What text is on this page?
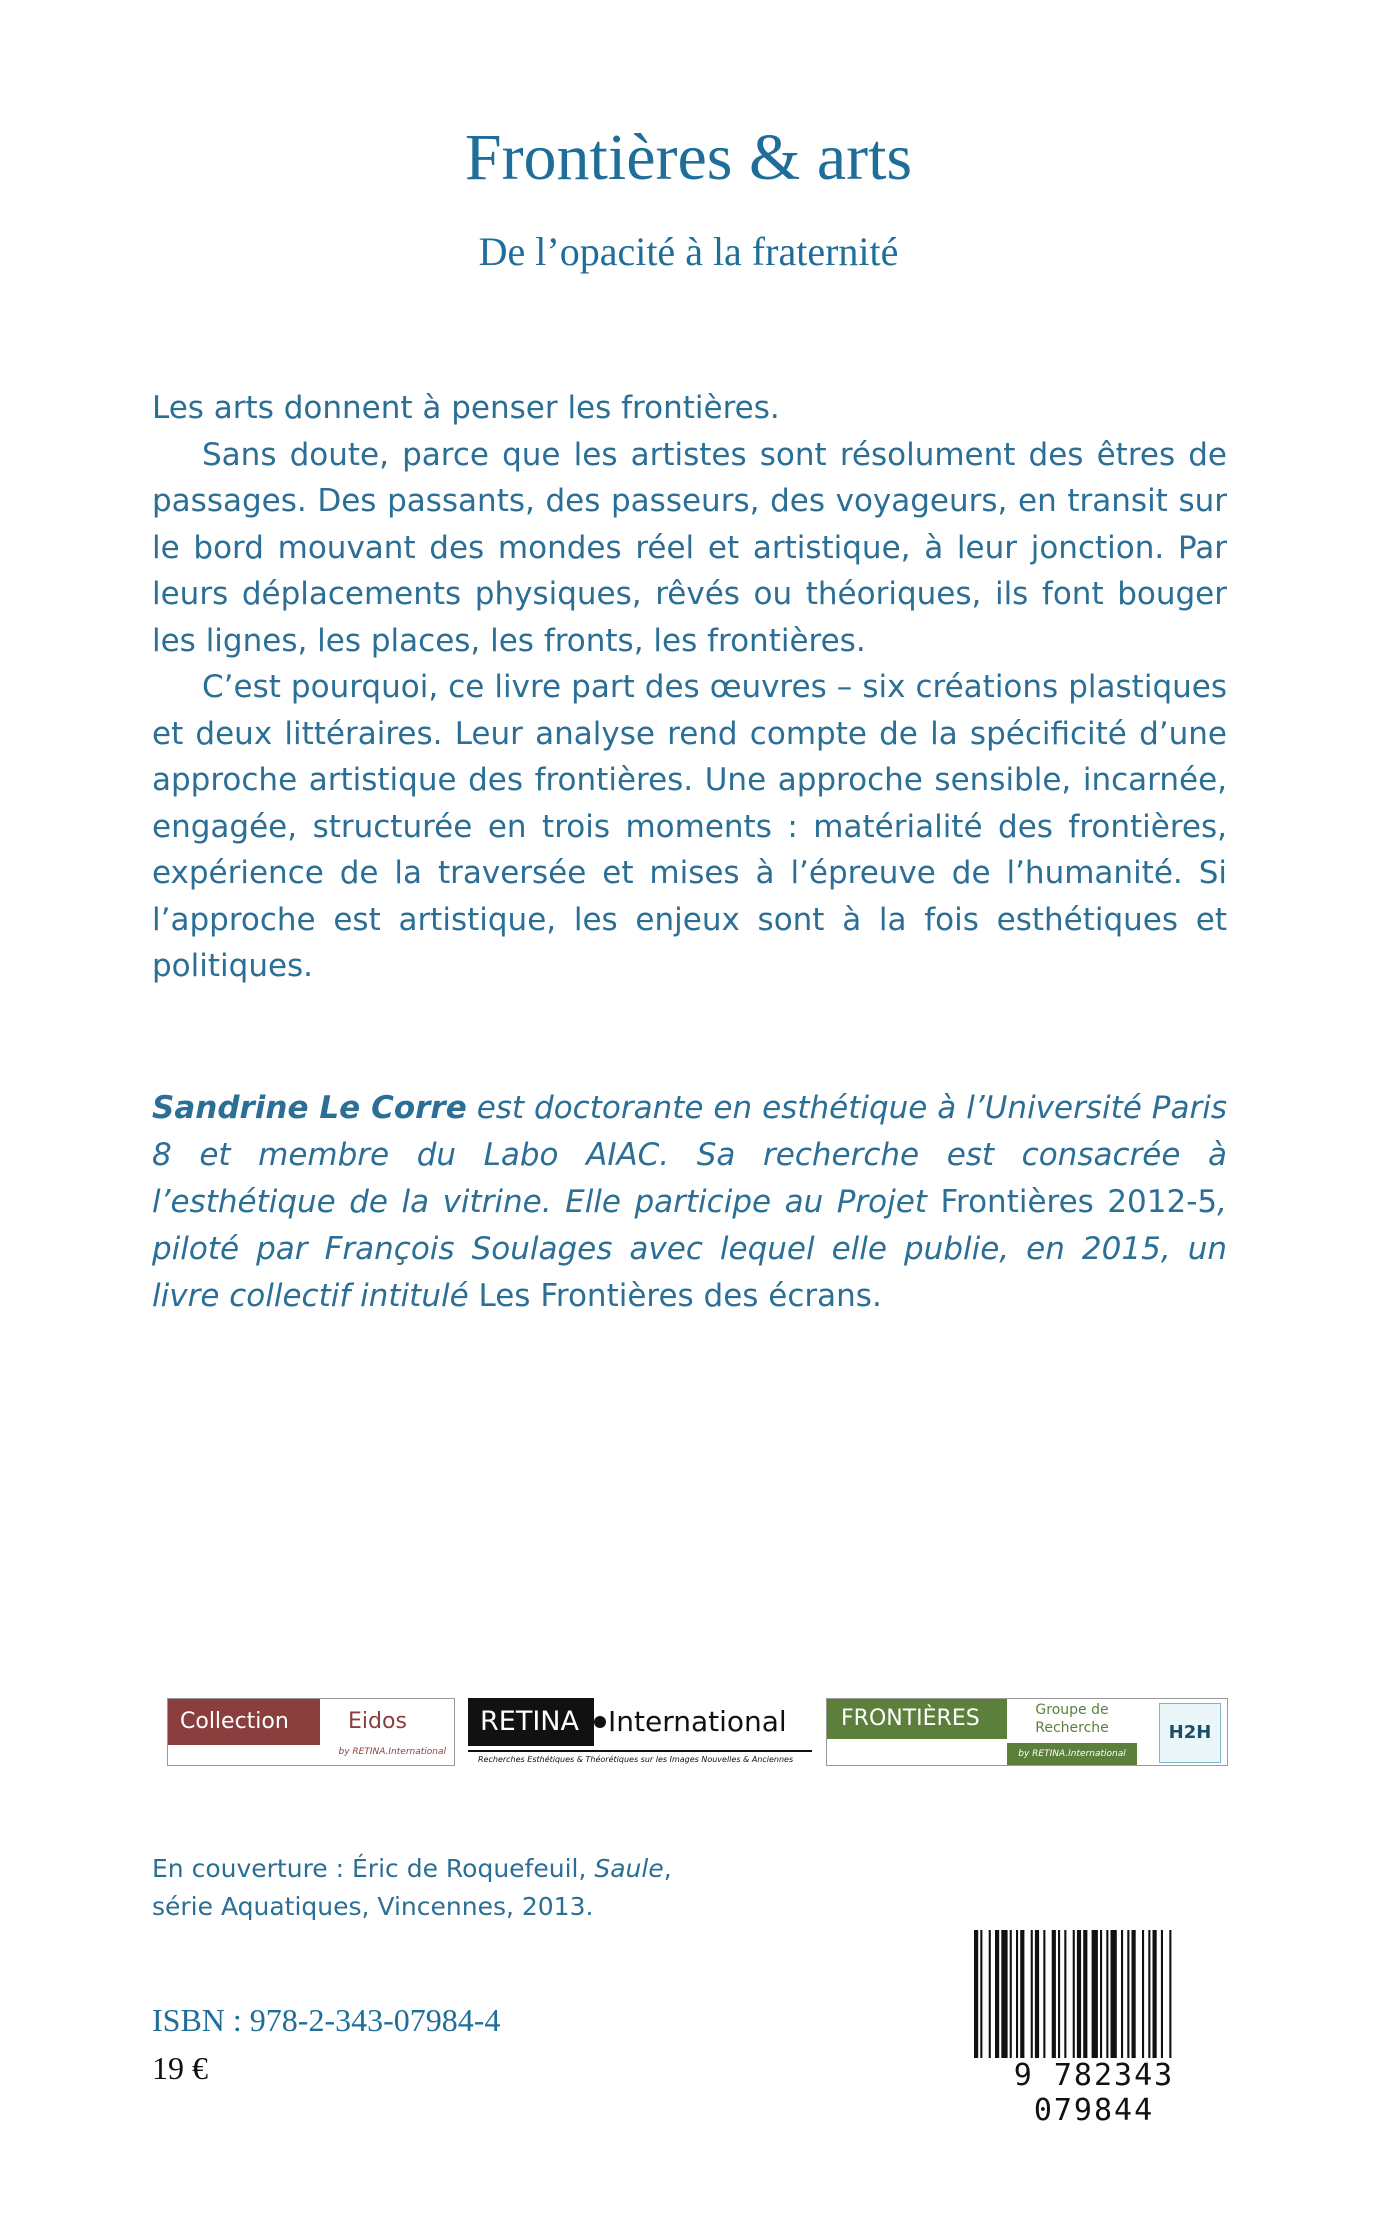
Frontières & arts
De l’opacité à la fraternité

Les arts donnent à penser les frontières.

Sans doute, parce que les artistes sont résolument des êtres de passages. Des passants, des passeurs, des voyageurs, en transit sur le bord mouvant des mondes réel et artistique, à leur jonction. Par leurs déplacements physiques, rêvés ou théoriques, ils font bouger les lignes, les places, les fronts, les frontières.

C’est pourquoi, ce livre part des œuvres – six créations plastiques et deux littéraires. Leur analyse rend compte de la spécificité d’une approche artistique des frontières. Une approche sensible, incarnée, engagée, structurée en trois moments : matérialité des frontières, expérience de la traversée et mises à l’épreuve de l’humanité. Si l’approche est artistique, les enjeux sont à la fois esthétiques et politiques.

Sandrine Le Corre est doctorante en esthétique à l’Université Paris 8 et membre du Labo AIAC. Sa recherche est consacrée à l’esthétique de la vitrine. Elle participe au Projet Frontières 2012-5, piloté par François Soulages avec lequel elle publie, en 2015, un livre collectif intitulé Les Frontières des écrans.
Collection	Eidos
by RETINA.International
RETINA	International
Recherches Esthétiques & Théorétiques sur les Images Nouvelles & Anciennes
FRONTIÈRES	Groupe de Recherche
by RETINA.International
H2H
En couverture : Éric de Roquefeuil, Saule,
série Aquatiques, Vincennes, 2013.
ISBN : 978-2-343-07984-4
19 €	9 782343 079844
